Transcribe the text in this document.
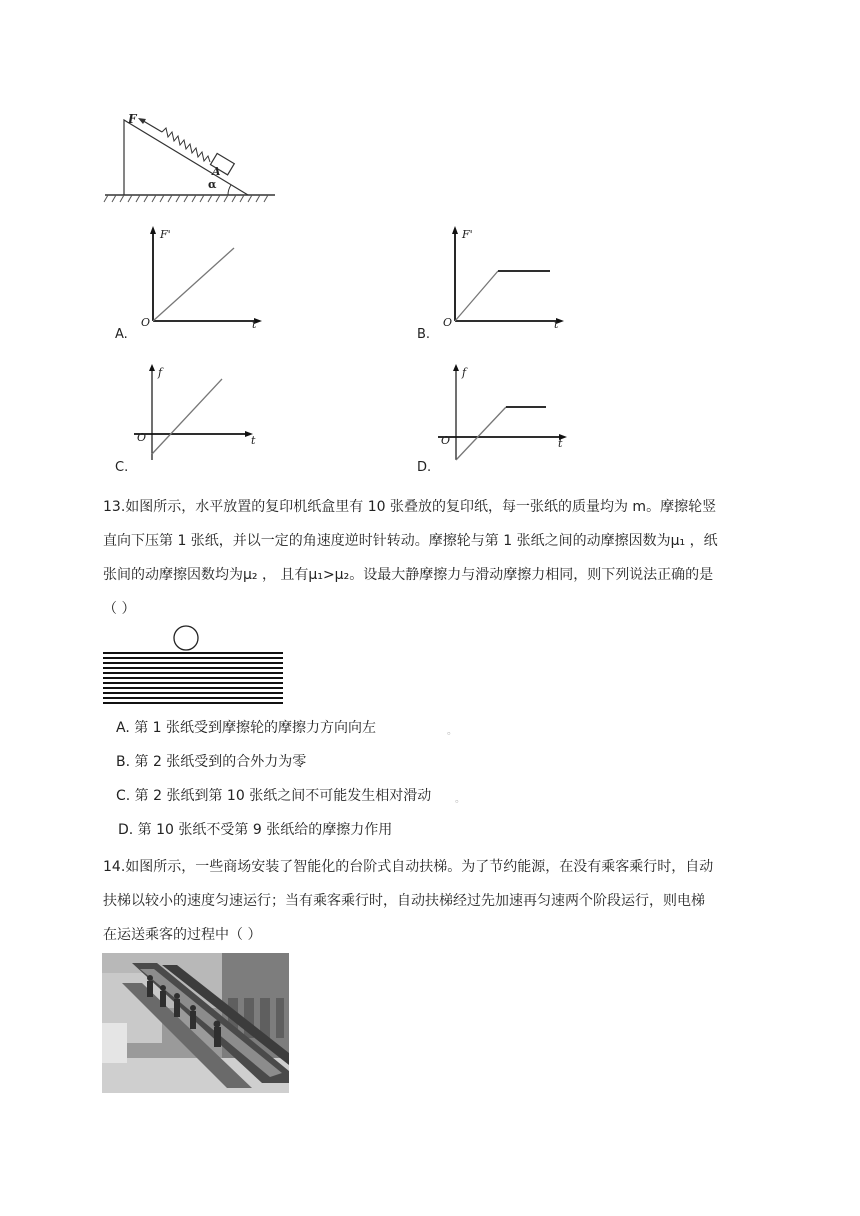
F
A
α
F'
O	t
A.
F'
O	t
B.
f
O	t
C.
f
O	t
D.
13.如图所示，水平放置的复印机纸盒里有 10 张叠放的复印纸，每一张纸的质量均为 m。摩擦轮竖
直向下压第 1 张纸，并以一定的角速度逆时针转动。摩擦轮与第 1 张纸之间的动摩擦因数为μ₁ ，纸
张间的动摩擦因数均为μ₂ ， 且有μ₁>μ₂。设最大静摩擦力与滑动摩擦力相同，则下列说法正确的是
（ ）
A. 第 1 张纸受到摩擦轮的摩擦力方向向左	。
B. 第 2 张纸受到的合外力为零
C. 第 2 张纸到第 10 张纸之间不可能发生相对滑动 。
D. 第 10 张纸不受第 9 张纸给的摩擦力作用
14.如图所示，一些商场安装了智能化的台阶式自动扶梯。为了节约能源，在没有乘客乘行时，自动
扶梯以较小的速度匀速运行；当有乘客乘行时，自动扶梯经过先加速再匀速两个阶段运行，则电梯
在运送乘客的过程中（ ）
